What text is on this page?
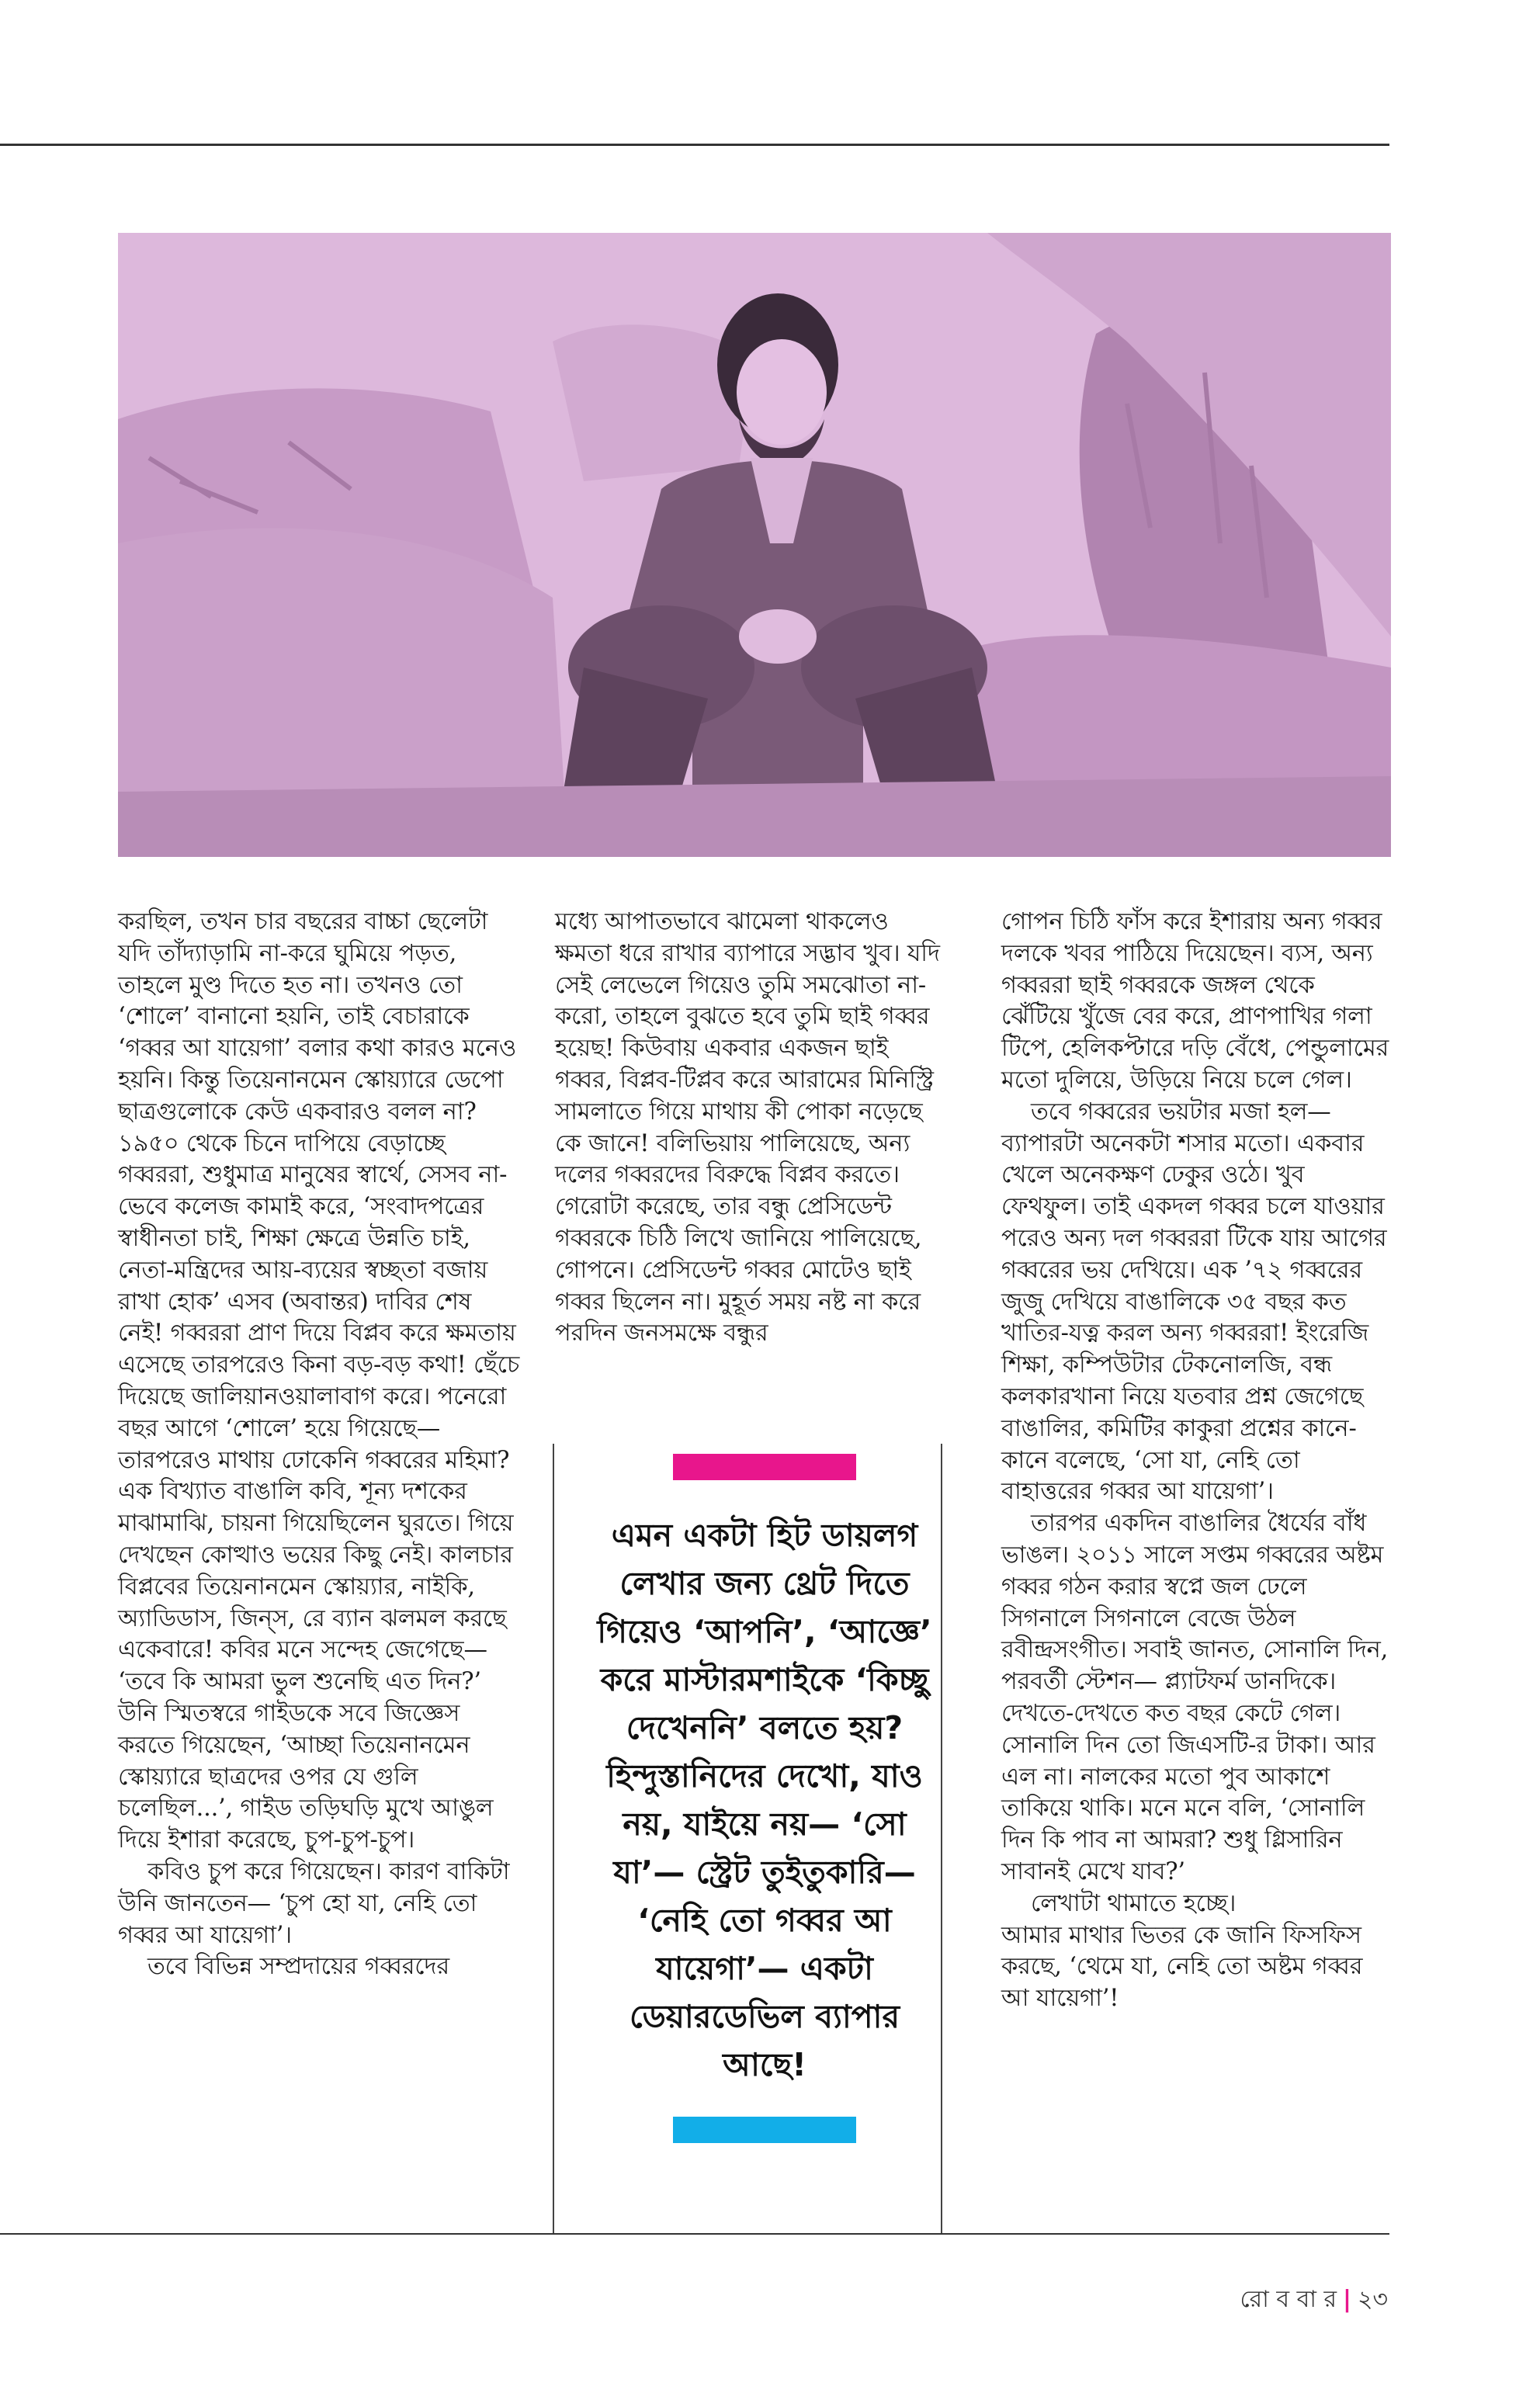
করছিল, তখন চার বছরের বাচ্চা ছেলেটা যদি তাঁদ্যাড়ামি না-করে ঘুমিয়ে পড়ত, তাহলে মুণ্ড দিতে হত না। তখনও তো ‘শোলে’ বানানো হয়নি, তাই বেচারাকে ‘গব্বর আ যায়েগা’ বলার কথা কারও মনেও হয়নি। কিন্তু তিয়েনানমেন স্কোয়্যারে ডেপো ছাত্রগুলোকে কেউ একবারও বলল না? ১৯৫০ থেকে চিনে দাপিয়ে বেড়াচ্ছে গব্বররা, শুধুমাত্র মানুষের স্বার্থে, সেসব না-ভেবে কলেজ কামাই করে, ‘সংবাদপত্রের স্বাধীনতা চাই, শিক্ষা ক্ষেত্রে উন্নতি চাই, নেতা-মন্ত্রিদের আয়-ব্যয়ের স্বচ্ছতা বজায় রাখা হোক’ এসব (অবান্তর) দাবির শেষ নেই! গব্বররা প্রাণ দিয়ে বিপ্লব করে ক্ষমতায় এসেছে তারপরেও কিনা বড়-বড় কথা! ছেঁচে দিয়েছে জালিয়ানওয়ালাবাগ করে। পনেরো বছর আগে ‘শোলে’ হয়ে গিয়েছে— তারপরেও মাথায় ঢোকেনি গব্বরের মহিমা? এক বিখ্যাত বাঙালি কবি, শূন্য দশকের মাঝামাঝি, চায়না গিয়েছিলেন ঘুরতে। গিয়ে দেখছেন কোত্থাও ভয়ের কিছু নেই। কালচার বিপ্লবের তিয়েনানমেন স্কোয়্যার, নাইকি, অ্যাডিডাস, জিন্‌স, রে ব্যান ঝলমল করছে একেবারে! কবির মনে সন্দেহ জেগেছে— ‘তবে কি আমরা ভুল শুনেছি এত দিন?’ উনি স্মিতস্বরে গাইডকে সবে জিজ্ঞেস করতে গিয়েছেন, ‘আচ্ছা তিয়েনানমেন স্কোয়্যারে ছাত্রদের ওপর যে গুলি চলেছিল...’, গাইড তড়িঘড়ি মুখে আঙুল দিয়ে ইশারা করেছে, চুপ-চুপ-চুপ।

কবিও চুপ করে গিয়েছেন। কারণ বাকিটা উনি জানতেন— ‘চুপ হো যা, নেহি তো গব্বর আ যায়েগা’।

তবে বিভিন্ন সম্প্রদায়ের গব্বরদের

মধ্যে আপাতভাবে ঝামেলা থাকলেও ক্ষমতা ধরে রাখার ব্যাপারে সদ্ভাব খুব। যদি সেই লেভেলে গিয়েও তুমি সমঝোতা না-করো, তাহলে বুঝতে হবে তুমি ছাই গব্বর হয়েছ! কিউবায় একবার একজন ছাই গব্বর, বিপ্লব-টিপ্লব করে আরামের মিনিস্ট্রি সামলাতে গিয়ে মাথায় কী পোকা নড়েছে কে জানে! বলিভিয়ায় পালিয়েছে, অন্য দলের গব্বরদের বিরুদ্ধে বিপ্লব করতে। গেরোটা করেছে, তার বন্ধু প্রেসিডেন্ট গব্বরকে চিঠি লিখে জানিয়ে পালিয়েছে, গোপনে। প্রেসিডেন্ট গব্বর মোটেও ছাই গব্বর ছিলেন না। মুহূর্ত সময় নষ্ট না করে পরদিন জনসমক্ষে বন্ধুর

গোপন চিঠি ফাঁস করে ইশারায় অন্য গব্বর দলকে খবর পাঠিয়ে দিয়েছেন। ব্যস, অন্য গব্বররা ছাই গব্বরকে জঙ্গল থেকে ঝেঁটিয়ে খুঁজে বের করে, প্রাণপাখির গলা টিপে, হেলিকপ্টারে দড়ি বেঁধে, পেন্ডুলামের মতো দুলিয়ে, উড়িয়ে নিয়ে চলে গেল।

তবে গব্বরের ভয়টার মজা হল— ব্যাপারটা অনেকটা শসার মতো। একবার খেলে অনেকক্ষণ ঢেকুর ওঠে। খুব ফেথফুল। তাই একদল গব্বর চলে যাওয়ার পরেও অন্য দল গব্বররা টিকে যায় আগের গব্বরের ভয় দেখিয়ে। এক ’৭২ গব্বরের জুজু দেখিয়ে বাঙালিকে ৩৫ বছর কত খাতির-যত্ন করল অন্য গব্বররা! ইংরেজি শিক্ষা, কম্পিউটার টেকনোলজি, বন্ধ কলকারখানা নিয়ে যতবার প্রশ্ন জেগেছে বাঙালির, কমিটির কাকুরা প্রশ্নের কানে-কানে বলেছে, ‘সো যা, নেহি তো বাহাত্তরের গব্বর আ যায়েগা’।

তারপর একদিন বাঙালির ধৈর্যের বাঁধ ভাঙল। ২০১১ সালে সপ্তম গব্বরের অষ্টম গব্বর গঠন করার স্বপ্নে জল ঢেলে সিগনালে সিগনালে বেজে উঠল রবীন্দ্রসংগীত। সবাই জানত, সোনালি দিন, পরবর্তী স্টেশন— প্ল্যাটফর্ম ডানদিকে। দেখতে-দেখতে কত বছর কেটে গেল। সোনালি দিন তো জিএসটি-র টাকা। আর এল না। নালকের মতো পুব আকাশে তাকিয়ে থাকি। মনে মনে বলি, ‘সোনালি দিন কি পাব না আমরা? শুধু গ্লিসারিন সাবানই মেখে যাব?’

লেখাটা থামাতে হচ্ছে।

আমার মাথার ভিতর কে জানি ফিসফিস করছে, ‘থেমে যা, নেহি তো অষ্টম গব্বর আ যায়েগা’!

এমন একটা হিট ডায়লগ লেখার জন্য থ্রেট দিতে গিয়েও ‘আপনি’, ‘আজ্ঞে’ করে মাস্টারমশাইকে ‘কিচ্ছু দেখেননি’ বলতে হয়? হিন্দুস্তানিদের দেখো, যাও নয়, যাইয়ে নয়— ‘সো যা’— স্ট্রেট তুইতুকারি— ‘নেহি তো গব্বর আ যায়েগা’— একটা ডেয়ারডেভিল ব্যাপার আছে!
রো ব বা র | ২৩
